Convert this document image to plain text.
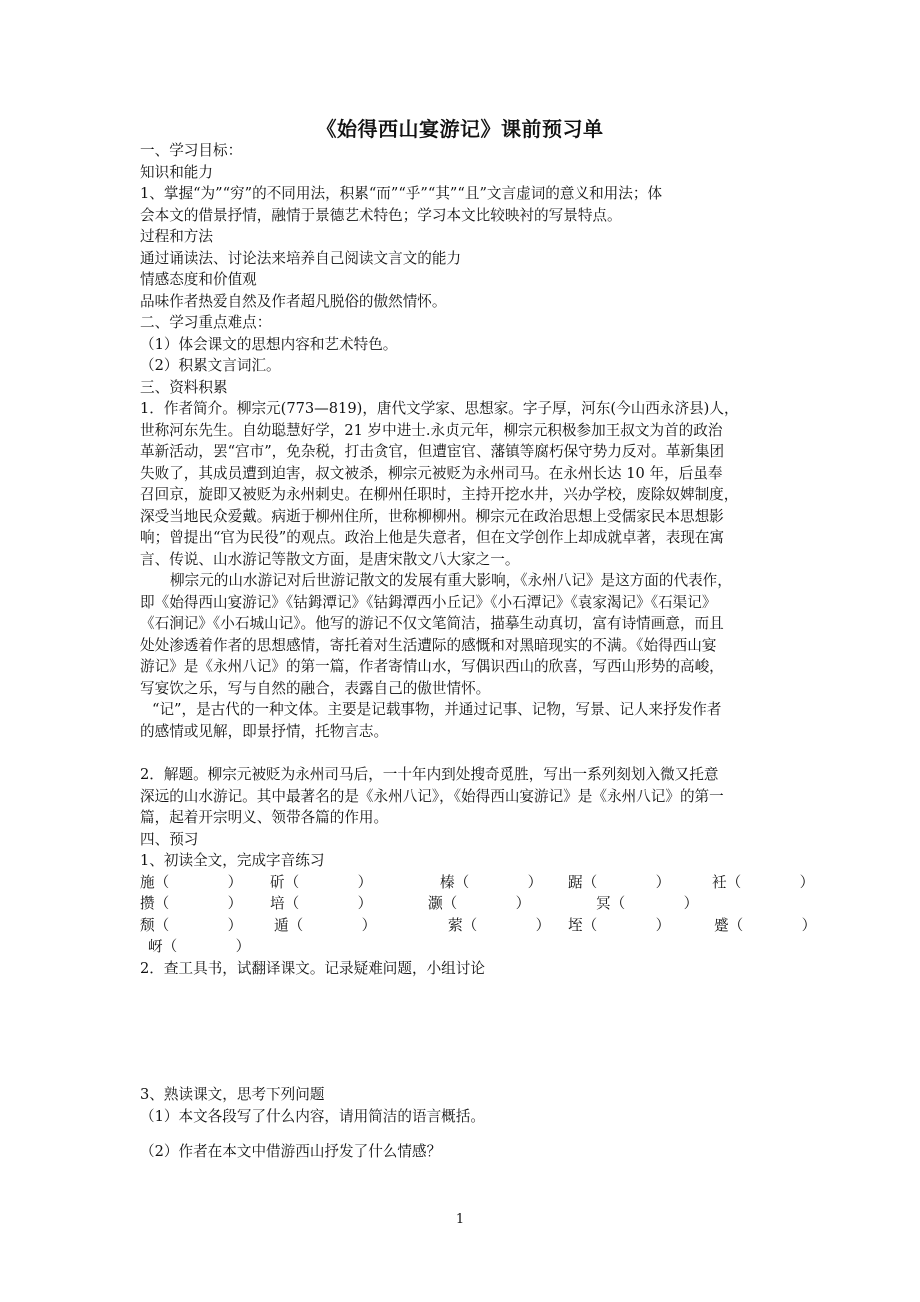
《始得西山宴游记》课前预习单

一、学习目标：

知识和能力

1、掌握“为”“穷”的不同用法，积累“而”“乎”“其”“且”文言虚词的意义和用法；体

会本文的借景抒情，融情于景德艺术特色；学习本文比较映衬的写景特点。

过程和方法

通过诵读法、讨论法来培养自己阅读文言文的能力

情感态度和价值观

品味作者热爱自然及作者超凡脱俗的傲然情怀。

二、学习重点难点：

（1）体会课文的思想内容和艺术特色。

（2）积累文言词汇。

三、资料积累

1．作者简介。柳宗元(773—819)，唐代文学家、思想家。字子厚，河东(今山西永济县)人，

世称河东先生。自幼聪慧好学，21 岁中进士.永贞元年，柳宗元积极参加王叔文为首的政治

革新活动，罢“宫市”，免杂税，打击贪官，但遭宦官、藩镇等腐朽保守势力反对。革新集团

失败了，其成员遭到迫害，叔文被杀，柳宗元被贬为永州司马。在永州长达 10 年，后虽奉

召回京，旋即又被贬为永州刺史。在柳州任职时，主持开挖水井，兴办学校，废除奴婢制度，

深受当地民众爱戴。病逝于柳州住所，世称柳柳州。柳宗元在政治思想上受儒家民本思想影

响；曾提出“官为民役”的观点。政治上他是失意者，但在文学创作上却成就卓著，表现在寓

言、传说、山水游记等散文方面，是唐宋散文八大家之一。

柳宗元的山水游记对后世游记散文的发展有重大影响，《永州八记》是这方面的代表作，

即《始得西山宴游记》《钴鉧潭记》《钴鉧潭西小丘记》《小石潭记》《袁家渴记》《石渠记》

《石涧记》《小石城山记》。他写的游记不仅文笔简洁，描摹生动真切，富有诗情画意，而且

处处渗透着作者的思想感情，寄托着对生活遭际的感慨和对黑暗现实的不满。《始得西山宴

游记》是《永州八记》的第一篇，作者寄情山水，写偶识西山的欣喜，写西山形势的高峻，

写宴饮之乐，写与自然的融合，表露自己的傲世情怀。

“记”，是古代的一种文体。主要是记载事物，并通过记事、记物，写景、记人来抒发作者

的感情或见解，即景抒情，托物言志。

2．解题。柳宗元被贬为永州司马后，一十年内到处搜奇觅胜，写出一系列刻划入微又托意

深远的山水游记。其中最著名的是《永州八记》，《始得西山宴游记》是《永州八记》的第一

篇，起着开宗明义、领带各篇的作用。

四、预习

1、初读全文，完成字音练习

施（　　　　） 斫（　　　　）	榛（　　　　） 踞（　　　　）	衽（　　　　）
攒（　　　　） 培（　　　　）	灏（　　　　）	冥（　　　　）
颓（　　　　） 遁（　　　　）	萦（　　　　） 垤（　　　　）	蹙（　　　　）
岈（　　　　）

2．查工具书，试翻译课文。记录疑难问题，小组讨论

3、熟读课文，思考下列问题

（1）本文各段写了什么内容，请用简洁的语言概括。

（2）作者在本文中借游西山抒发了什么情感？

1
